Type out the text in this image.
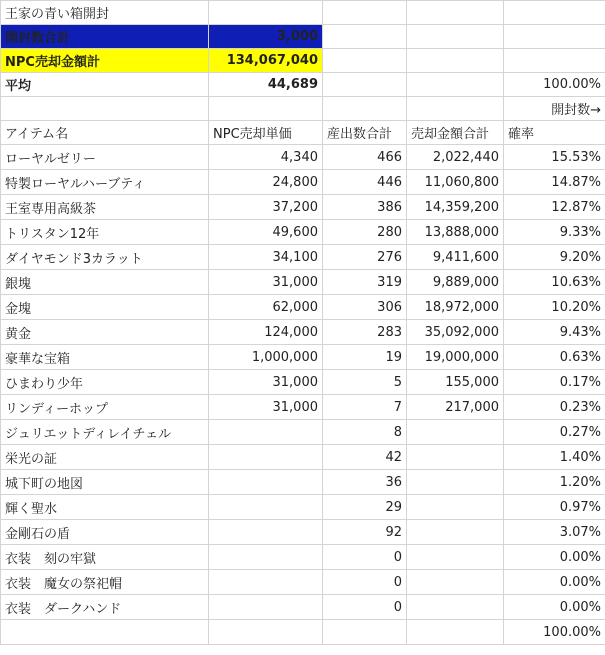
王家の青い箱開封				
開封数合計	3,000			
NPC売却金額計	134,067,040			
平均	44,689			100.00%
				開封数→
アイテム名	NPC売却単価	産出数合計	売却金額合計	確率
ローヤルゼリー	4,340	466	2,022,440	15.53%
特製ローヤルハーブティ	24,800	446	11,060,800	14.87%
王室専用高級茶	37,200	386	14,359,200	12.87%
トリスタン12年	49,600	280	13,888,000	9.33%
ダイヤモンド3カラット	34,100	276	9,411,600	9.20%
銀塊	31,000	319	9,889,000	10.63%
金塊	62,000	306	18,972,000	10.20%
黄金	124,000	283	35,092,000	9.43%
豪華な宝箱	1,000,000	19	19,000,000	0.63%
ひまわり少年	31,000	5	155,000	0.17%
リンディーホップ	31,000	7	217,000	0.23%
ジュリエットディレイチェル		8		0.27%
栄光の証		42		1.40%
城下町の地図		36		1.20%
輝く聖水		29		0.97%
金剛石の盾		92		3.07%
衣装　刻の牢獄		0		0.00%
衣装　魔女の祭祀帽		0		0.00%
衣装　ダークハンド		0		0.00%
				100.00%
